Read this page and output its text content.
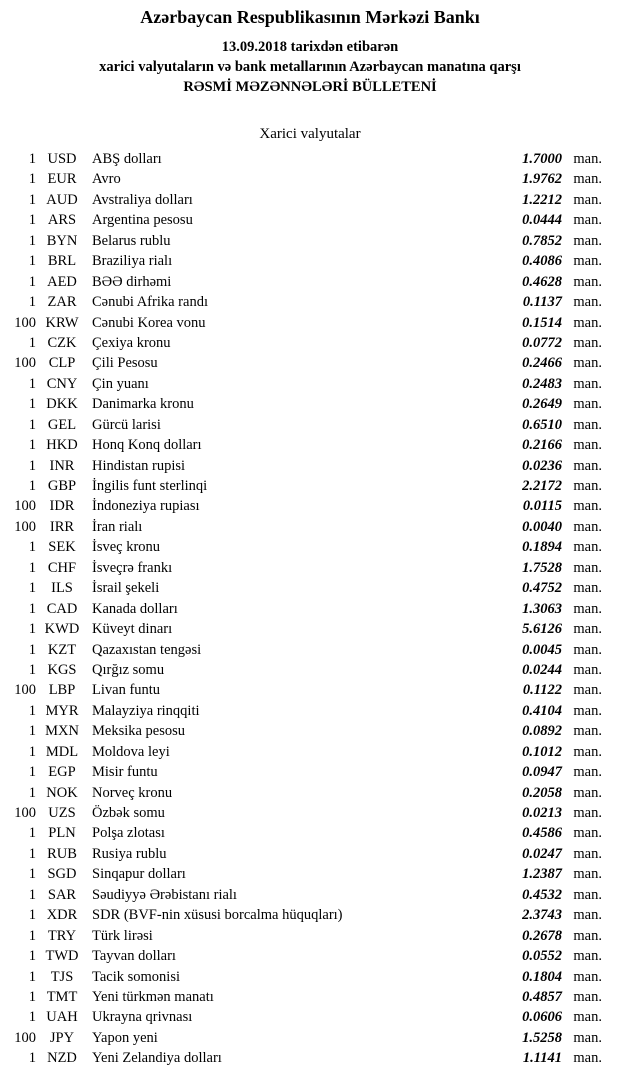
Azərbaycan Respublikasının Mərkəzi Bankı
13.09.2018 tarixdən etibarən
xarici valyutaların və bank metallarının Azərbaycan manatına qarşı
RƏSMİ MƏZƏNNƏLƏRİ BÜLLETENİ
Xarici valyutalar
1 USD	ABŞ dolları	1.7000 man.
1 EUR	Avro	1.9762 man.
1 AUD Avstraliya dolları	1.2212 man.
1 ARS	Argentina pesosu	0.0444 man.
1 BYN	Belarus rublu	0.7852 man.
1 BRL	Braziliya rialı	0.4086 man.
1 AED	BƏƏ dirhəmi	0.4628 man.
1 ZAR	Cənubi Afrika randı	0.1137 man.
100 KRW Cənubi Korea vonu	0.1514 man.
1 CZK	Çexiya kronu	0.0772 man.
100 CLP	Çili Pesosu	0.2466 man.
1 CNY	Çin yuanı	0.2483 man.
1 DKK Danimarka kronu	0.2649 man.
1 GEL	Gürcü larisi	0.6510 man.
1 HKD Honq Konq dolları	0.2166 man.
1 INR	Hindistan rupisi	0.0236 man.
1 GBP	İngilis funt sterlinqi	2.2172 man.
100 IDR	İndoneziya rupiası	0.0115 man.
100 IRR	İran rialı	0.0040 man.
1 SEK	İsveç kronu	0.1894 man.
1 CHF	İsveçrə frankı	1.7528 man.
1	ILS	İsrail şekeli	0.4752 man.
1 CAD	Kanada dolları	1.3063 man.
1 KWD Küveyt dinarı	5.6126 man.
1 KZT	Qazaxıstan tengəsi	0.0045 man.
1 KGS	Qırğız somu	0.0244 man.
100 LBP	Livan funtu	0.1122 man.
1 MYR Malayziya rinqqiti	0.4104 man.
1 MXN Meksika pesosu	0.0892 man.
1 MDL Moldova leyi	0.1012 man.
1 EGP	Misir funtu	0.0947 man.
1 NOK Norveç kronu	0.2058 man.
100 UZS	Özbək somu	0.0213 man.
1 PLN	Polşa zlotası	0.4586 man.
1 RUB	Rusiya rublu	0.0247 man.
1 SGD	Sinqapur dolları	1.2387 man.
1 SAR	Səudiyyə Ərəbistanı rialı	0.4532 man.
1 XDR	SDR (BVF-nin xüsusi borcalma hüquqları)	2.3743 man.
1 TRY	Türk lirəsi	0.2678 man.
1 TWD Tayvan dolları	0.0552 man.
1	TJS	Tacik somonisi	0.1804 man.
1 TMT	Yeni türkmən manatı	0.4857 man.
1 UAH Ukrayna qrivnası	0.0606 man.
100 JPY	Yapon yeni	1.5258 man.
1 NZD	Yeni Zelandiya dolları	1.1141 man.
